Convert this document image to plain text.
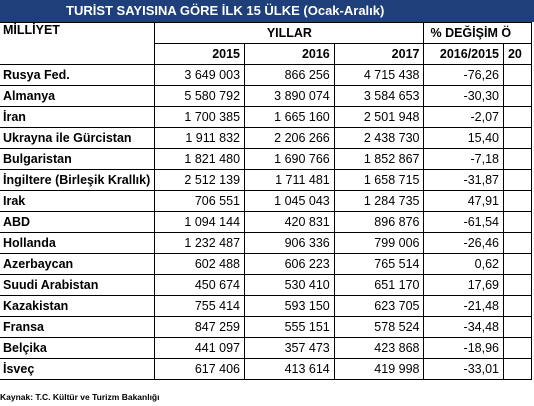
TURİST SAYISINA GÖRE İLK 15 ÜLKE (Ocak-Aralık)
MİLLİYET	YILLAR			% DEĞİŞİM Ö	
	2015	2016	2017	2016/2015	20
Rusya Fed.	3 649 003	866 256	4 715 438	-76,26	
Almanya	5 580 792	3 890 074	3 584 653	-30,30	
İran	1 700 385	1 665 160	2 501 948	-2,07	
Ukrayna ile Gürcistan	1 911 832	2 206 266	2 438 730	15,40	
Bulgaristan	1 821 480	1 690 766	1 852 867	-7,18	
İngiltere (Birleşik Krallık)	2 512 139	1 711 481	1 658 715	-31,87	
Irak	706 551	1 045 043	1 284 735	47,91	
ABD	1 094 144	420 831	896 876	-61,54	
Hollanda	1 232 487	906 336	799 006	-26,46	
Azerbaycan	602 488	606 223	765 514	0,62	
Suudi Arabistan	450 674	530 410	651 170	17,69	
Kazakistan	755 414	593 150	623 705	-21,48	
Fransa	847 259	555 151	578 524	-34,48	
Belçika	441 097	357 473	423 868	-18,96	
İsveç	617 406	413 614	419 998	-33,01	
Kaynak: T.C. Kültür ve Turizm Bakanlığı
